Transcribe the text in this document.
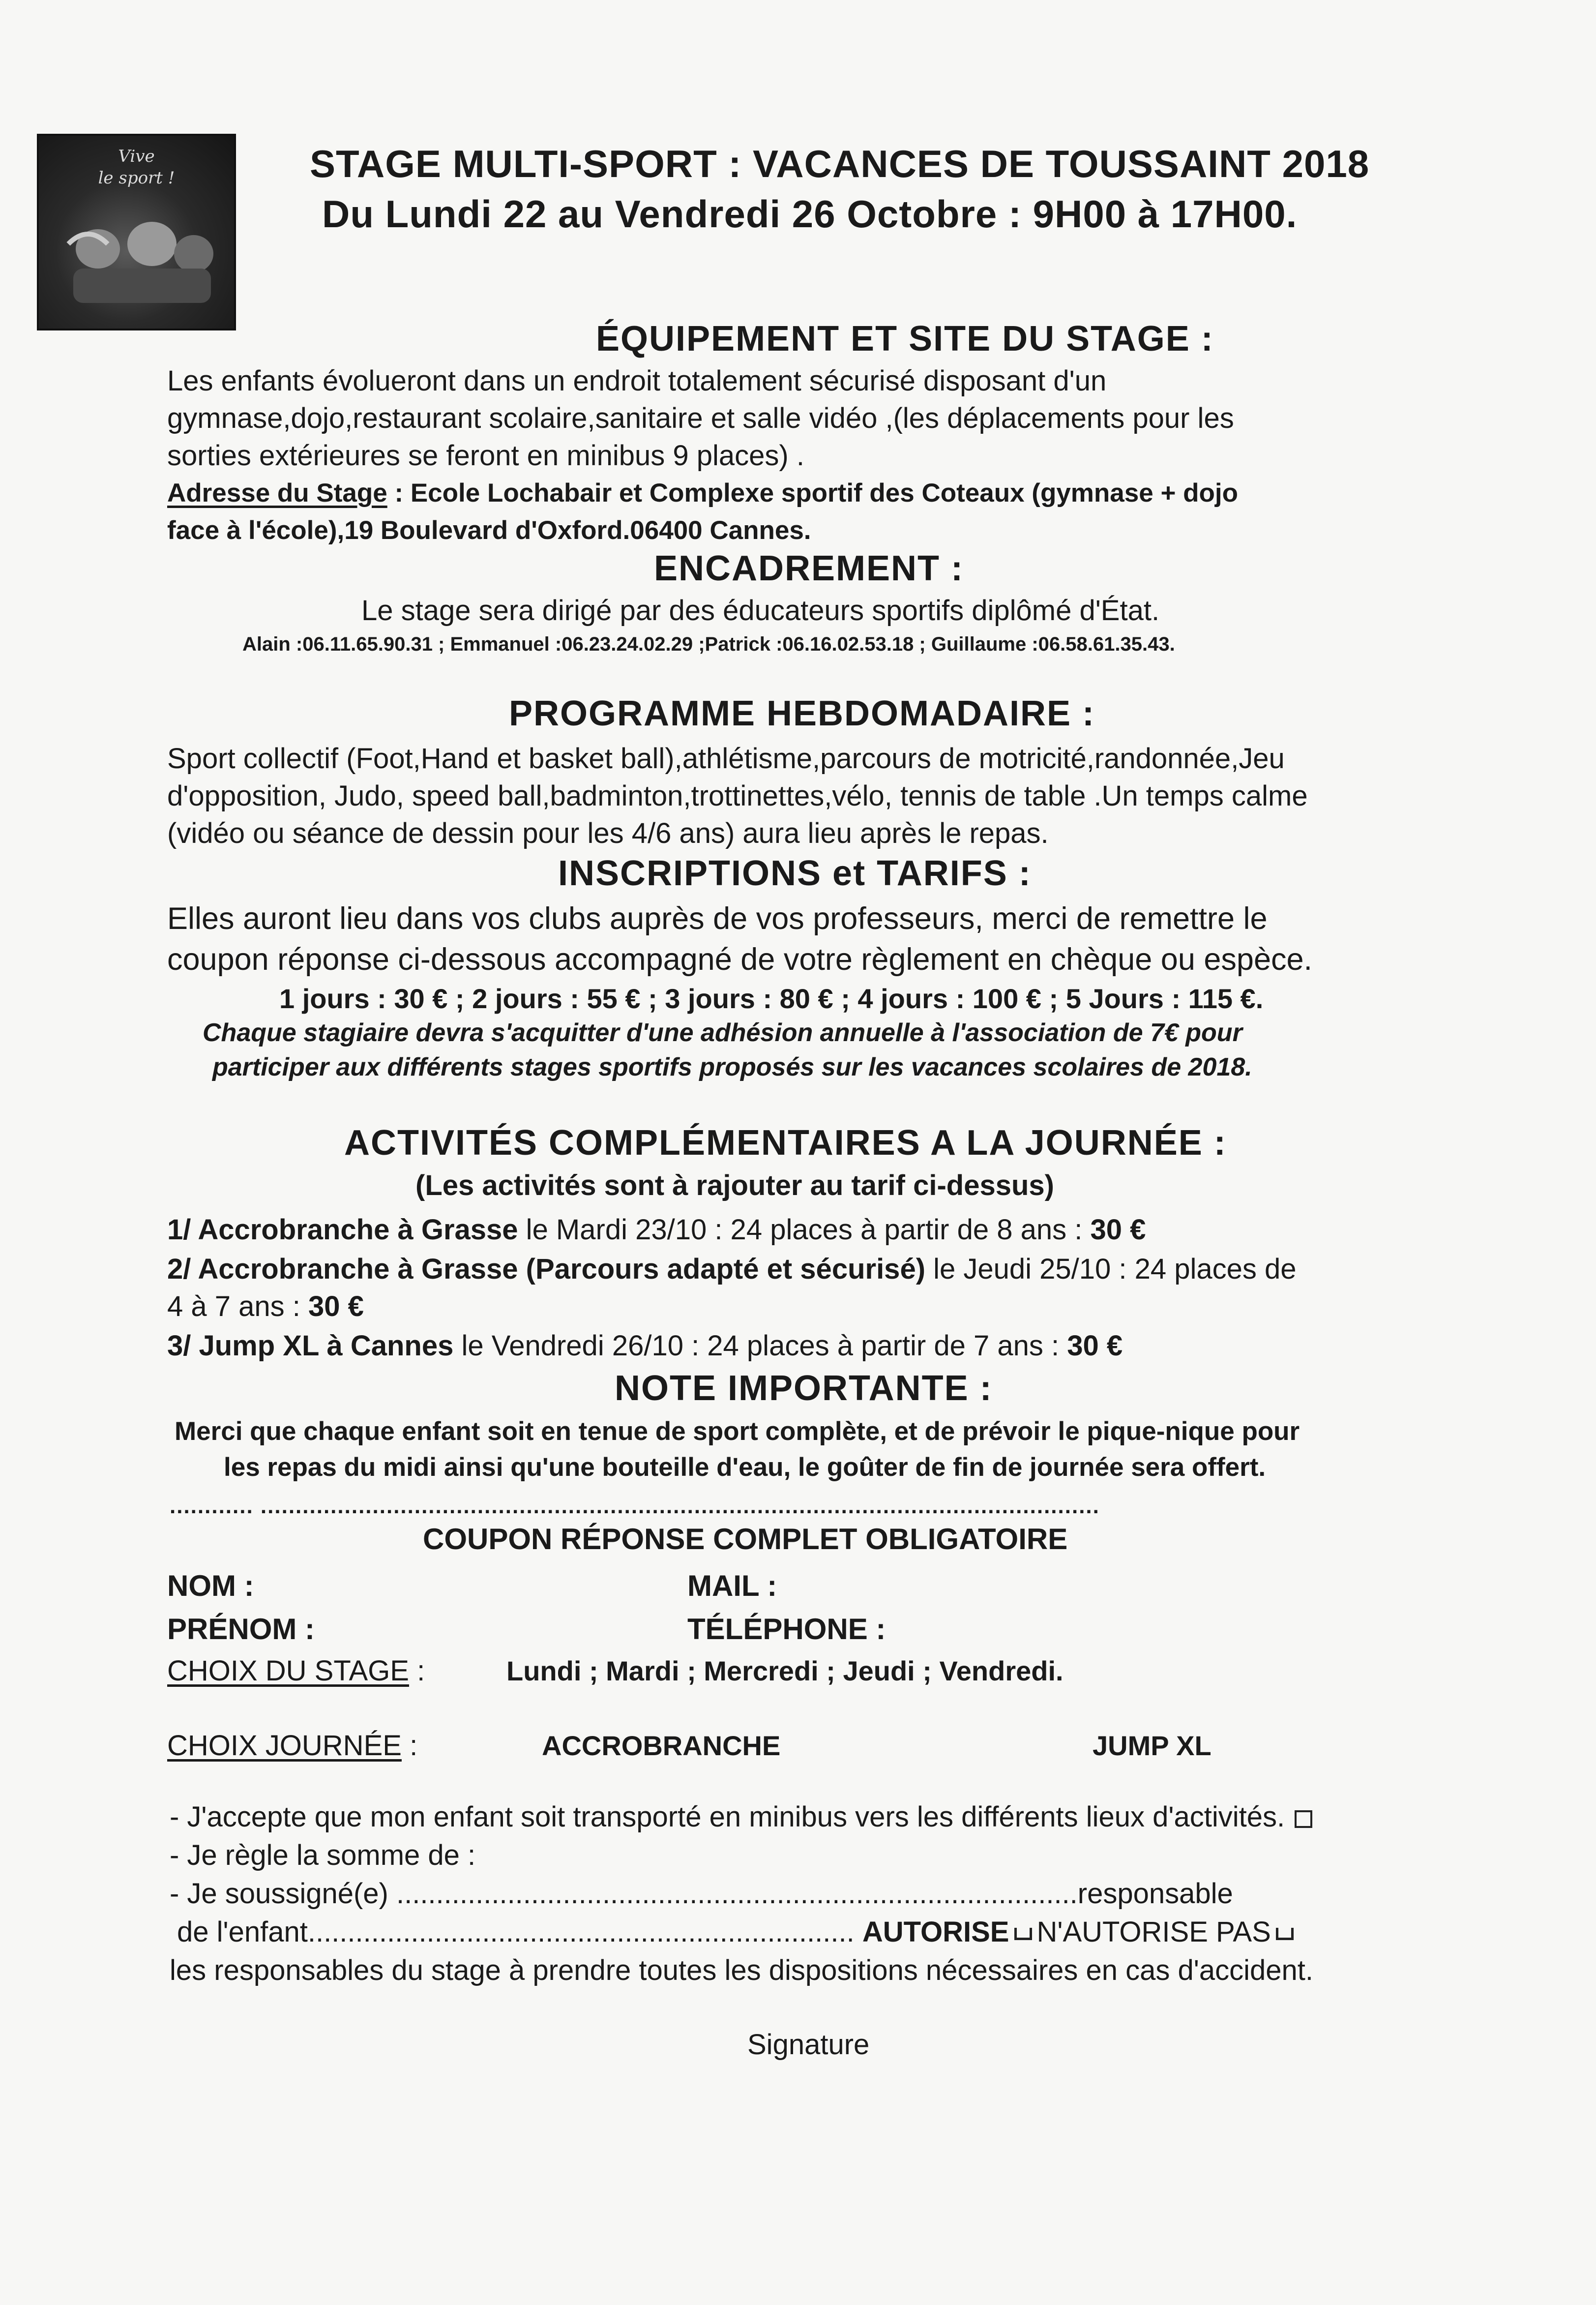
Vive
le sport !	STAGE MULTI-SPORT : VACANCES DE TOUSSAINT 2018
Du Lundi 22 au Vendredi 26 Octobre : 9H00 à 17H00.
ÉQUIPEMENT ET SITE DU STAGE :
Les enfants évolueront dans un endroit totalement sécurisé disposant d'un
gymnase,dojo,restaurant scolaire,sanitaire et salle vidéo ,(les déplacements pour les
sorties extérieures se feront en minibus 9 places) .
Adresse du Stage : Ecole Lochabair et Complexe sportif des Coteaux (gymnase + dojo
face à l'école),19 Boulevard d'Oxford.06400 Cannes.
ENCADREMENT :
Le stage sera dirigé par des éducateurs sportifs diplômé d'État.
Alain :06.11.65.90.31 ; Emmanuel :06.23.24.02.29 ;Patrick :06.16.02.53.18 ; Guillaume :06.58.61.35.43.
PROGRAMME HEBDOMADAIRE :
Sport collectif (Foot,Hand et basket ball),athlétisme,parcours de motricité,randonnée,Jeu
d'opposition, Judo, speed ball,badminton,trottinettes,vélo, tennis de table .Un temps calme
(vidéo ou séance de dessin pour les 4/6 ans) aura lieu après le repas.
INSCRIPTIONS et TARIFS :
Elles auront lieu dans vos clubs auprès de vos professeurs, merci de remettre le
coupon réponse ci-dessous accompagné de votre règlement en chèque ou espèce.
1 jours : 30 € ; 2 jours : 55 € ; 3 jours : 80 € ; 4 jours : 100 € ; 5 Jours : 115 €.
Chaque stagiaire devra s'acquitter d'une adhésion annuelle à l'association de 7€ pour
participer aux différents stages sportifs proposés sur les vacances scolaires de 2018.
ACTIVITÉS COMPLÉMENTAIRES A LA JOURNÉE :
(Les activités sont à rajouter au tarif ci-dessus)
1/ Accrobranche à Grasse le Mardi 23/10 : 24 places à partir de 8 ans : 30 €
2/ Accrobranche à Grasse (Parcours adapté et sécurisé) le Jeudi 25/10 : 24 places de
4 à 7 ans : 30 €
3/ Jump XL à Cannes le Vendredi 26/10 : 24 places à partir de 7 ans : 30 €
NOTE IMPORTANTE :
Merci que chaque enfant soit en tenue de sport complète, et de prévoir le pique-nique pour
les repas du midi ainsi qu'une bouteille d'eau, le goûter de fin de journée sera offert.
............ ........................................................................................................................
COUPON RÉPONSE COMPLET OBLIGATOIRE
NOM :	MAIL :
PRÉNOM :	TÉLÉPHONE :
CHOIX DU STAGE :	Lundi ; Mardi ; Mercredi ; Jeudi ; Vendredi.
CHOIX JOURNÉE :	ACCROBRANCHE	JUMP XL
- J'accepte que mon enfant soit transporté en minibus vers les différents lieux d'activités.
- Je règle la somme de :
- Je soussigné(e) ......................................................................................responsable
de l'enfant..................................................................... AUTORISE N'AUTORISE PAS
les responsables du stage à prendre toutes les dispositions nécessaires en cas d'accident.
Signature
